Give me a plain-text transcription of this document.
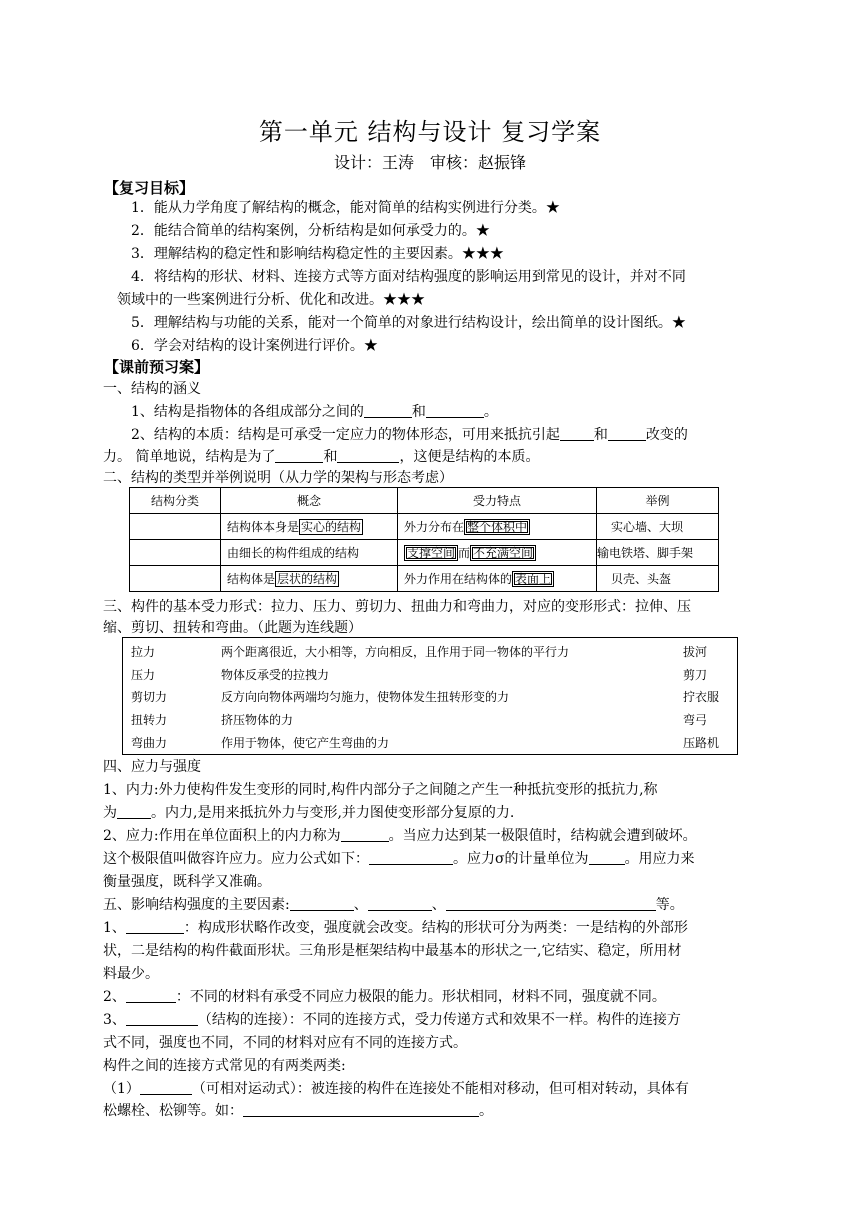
第一单元 结构与设计 复习学案
设计：王涛　审核：赵振锋
【复习目标】
1．能从力学角度了解结构的概念，能对简单的结构实例进行分类。★
2．能结合简单的结构案例，分析结构是如何承受力的。★
3．理解结构的稳定性和影响结构稳定性的主要因素。★★★
4．将结构的形状、材料、连接方式等方面对结构强度的影响运用到常见的设计，并对不同
领域中的一些案例进行分析、优化和改进。★★★
5．理解结构与功能的关系，能对一个简单的对象进行结构设计，绘出简单的设计图纸。★
6．学会对结构的设计案例进行评价。★
【课前预习案】
一、结构的涵义
1、结构是指物体的各组成部分之间的	和	。
2、结构的本质：结构是可承受一定应力的物体形态，可用来抵抗引起 和	改变的
力。 简单地说，结构是为了	和	，这便是结构的本质。
二、结构的类型并举例说明（从力学的架构与形态考虑）
结构分类	概念	受力特点	举例
	结构体本身是 实心的结构	外力分布在 整个体积中	实心墙、大坝
	由细长的构件组成的结构	支撑空间 而 不充满空间	输电铁塔、脚手架
	结构体是 层状的结构	外力作用在结构体的 表面上	贝壳、头盔
三、构件的基本受力形式：拉力、压力、剪切力、扭曲力和弯曲力，对应的变形形式：拉伸、压
缩、剪切、扭转和弯曲。（此题为连线题）
拉力	两个距离很近，大小相等，方向相反，且作用于同一物体的平行力	拔河
压力	物体反承受的拉拽力	剪刀
剪切力	反方向向物体两端均匀施力，使物体发生扭转形变的力	拧衣服
扭转力	挤压物体的力	弯弓
弯曲力	作用于物体，使它产生弯曲的力	压路机
四、应力与强度
1、内力:外力使构件发生变形的同时,构件内部分子之间随之产生一种抵抗变形的抵抗力,称
为 。内力,是用来抵抗外力与变形,并力图使变形部分复原的力.
2、应力:作用在单位面积上的内力称为	。当应力达到某一极限值时，结构就会遭到破坏。
这个极限值叫做容许应力。应力公式如下：	。应力σ的计量单位为	。用应力来
衡量强度，既科学又准确。
五、影响结构强度的主要因素:	、	、	等。
1、	：构成形状略作改变，强度就会改变。结构的形状可分为两类：一是结构的外部形
状，二是结构的构件截面形状。三角形是框架结构中最基本的形状之一,它结实、稳定，所用材
料最少。
2、	：不同的材料有承受不同应力极限的能力。形状相同，材料不同，强度就不同。
3、	（结构的连接）：不同的连接方式，受力传递方式和效果不一样。构件的连接方
式不同，强度也不同，不同的材料对应有不同的连接方式。
构件之间的连接方式常见的有两类两类:
（1）	（可相对运动式）：被连接的构件在连接处不能相对移动，但可相对转动，具体有
松螺栓、松铆等。如：	。
